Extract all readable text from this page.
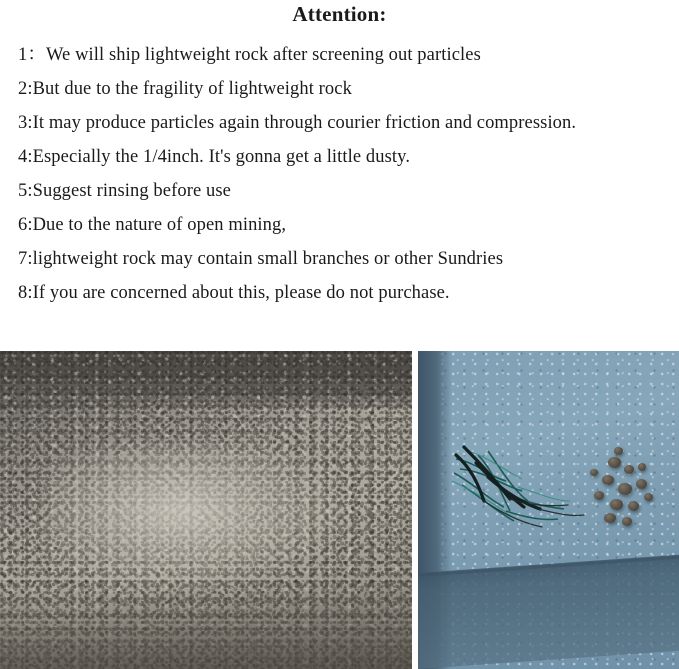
Attention:
1：We will ship lightweight rock after screening out particles
2:But due to the fragility of lightweight rock
3:It may produce particles again through courier friction and compression.
4:Especially the 1/4inch. It's gonna get a little dusty.
5:Suggest rinsing before use
6:Due to the nature of open mining,
7:lightweight rock may contain small branches or other Sundries
8:If you are concerned about this, please do not purchase.
